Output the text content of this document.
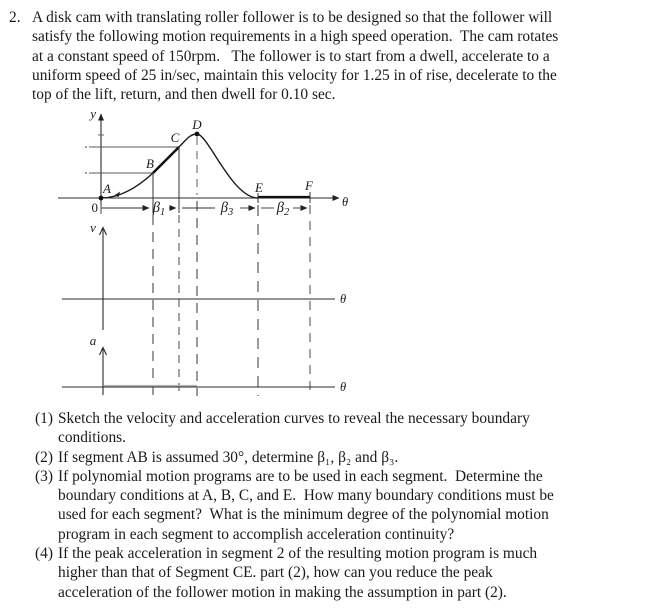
2. A disk cam with translating roller follower is to be designed so that the follower will
satisfy the following motion requirements in a high speed operation.  The cam rotates
at a constant speed of 150rpm.   The follower is to start from a dwell, accelerate to a
uniform speed of 25 in/sec, maintain this velocity for 1.25 in of rise, decelerate to the
top of the lift, return, and then dwell for 0.10 sec.
y
θ
A
B
C
D
E	F
0	$\beta_1$	$\beta_3$	$\beta_2$
v
θ
a
θ
(1) Sketch the velocity and acceleration curves to reveal the necessary boundary
conditions.
(2) If segment AB is assumed 30°, determine β₁, β₂ and β₃.
(3) If polynomial motion programs are to be used in each segment.  Determine the
boundary conditions at A, B, C, and E.  How many boundary conditions must be
used for each segment?  What is the minimum degree of the polynomial motion
program in each segment to accomplish acceleration continuity?
(4) If the peak acceleration in segment 2 of the resulting motion program is much
higher than that of Segment CE. part (2), how can you reduce the peak
acceleration of the follower motion in making the assumption in part (2).
